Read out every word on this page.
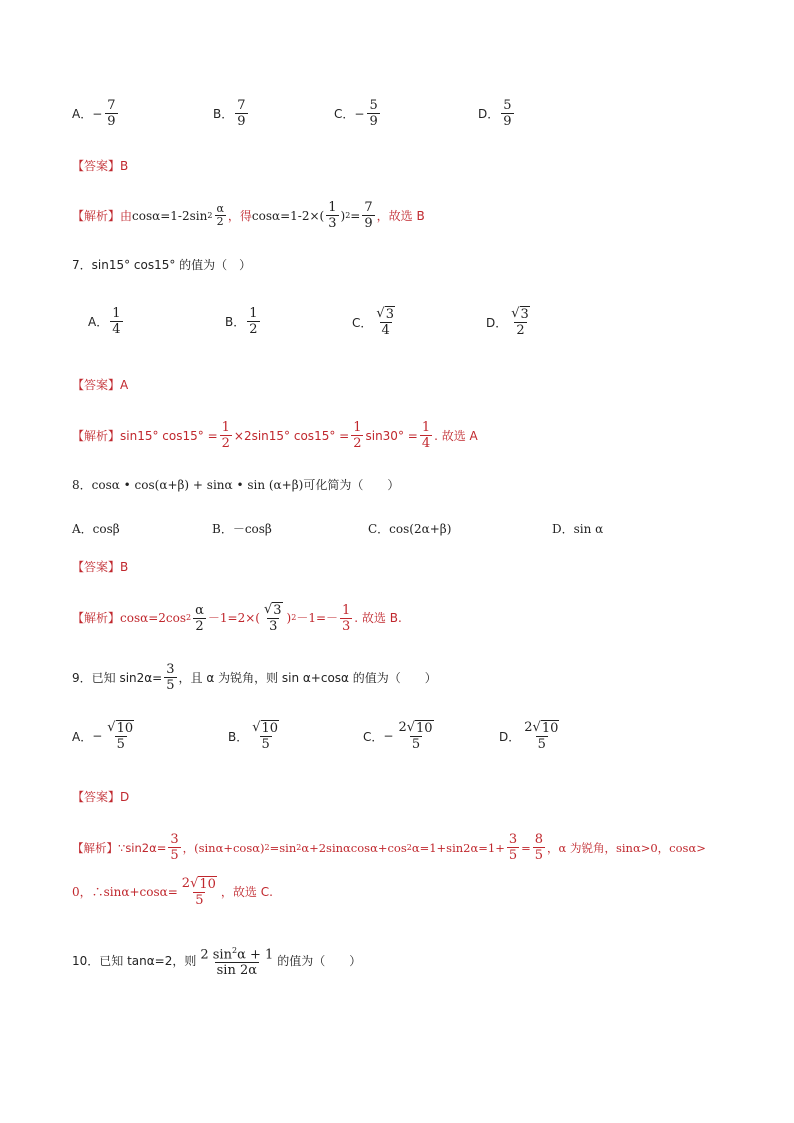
A． − $\frac{7}{9}$	B． $\frac{7}{9}$	C． − $\frac{5}{9}$	D． $\frac{5}{9}$
【答案】 B
【解析】 由 cosα=1-2sin $2 \frac{\alpha}{2}$ ，得 $\cos\alpha=1-2\times( \frac{1}{3}$ ) $2 = \frac{7}{9}$ ，故选 B
7．sin15° cos15° 的值为（　）
A． $\frac{1}{4}$	B． $\frac{1}{2}$	C． $\frac{√ 3}{4}$	D． $\frac{√ 3}{2}$
【答案】 A
【解析】 sin15° $\cos 15^\circ = \frac{1}{2} \times 2\sin 15^\circ$ $\cos 15^\circ = \frac{1}{2} \sin 30^\circ = \frac{1}{4}$ . 故选 A
8．cosα • cos(α+β) + sinα • sin (α+β)可化简为（　　）
A．cosβ	B．－cosβ	C．cos(2α+β)	D．sin α
【答案】 B
【解析】 cosα=2cos $2 \frac{\alpha}{2} -1=2\times( \frac{√ 3}{3}$ ) $2 -1=- \frac{1}{3}$ . 故选 B.
9．已知 $\sin 2\alpha= \frac{3}{5}$ ，且 α 为锐角，则 sin α+cosα 的值为（　　）
A． − $\frac{√ 10}{5}$	B． $\frac{√ 10}{5}$	C． − $\frac{2 √ 10}{5}$	D． $\frac{2 √ 10}{5}$
【答案】 D
【解析】 ∵sin2α= $\frac{3}{5}$ ，(sinα+cosα) 2 =sin 2 α+2sinαcosα+cos 2 $\alpha=1+\sin 2\alpha=1+ \frac{3}{5} = \frac{8}{5}$ ，α 为锐角，sinα>0，cosα>
0，∴sinα+cosα= $\frac{2 √ 10}{5}$ ，故选 C.
10．已知 tanα=2，则 $\frac{2 \sin^2\alpha + 1}{\sin 2\alpha}$ 的值为（　　）
